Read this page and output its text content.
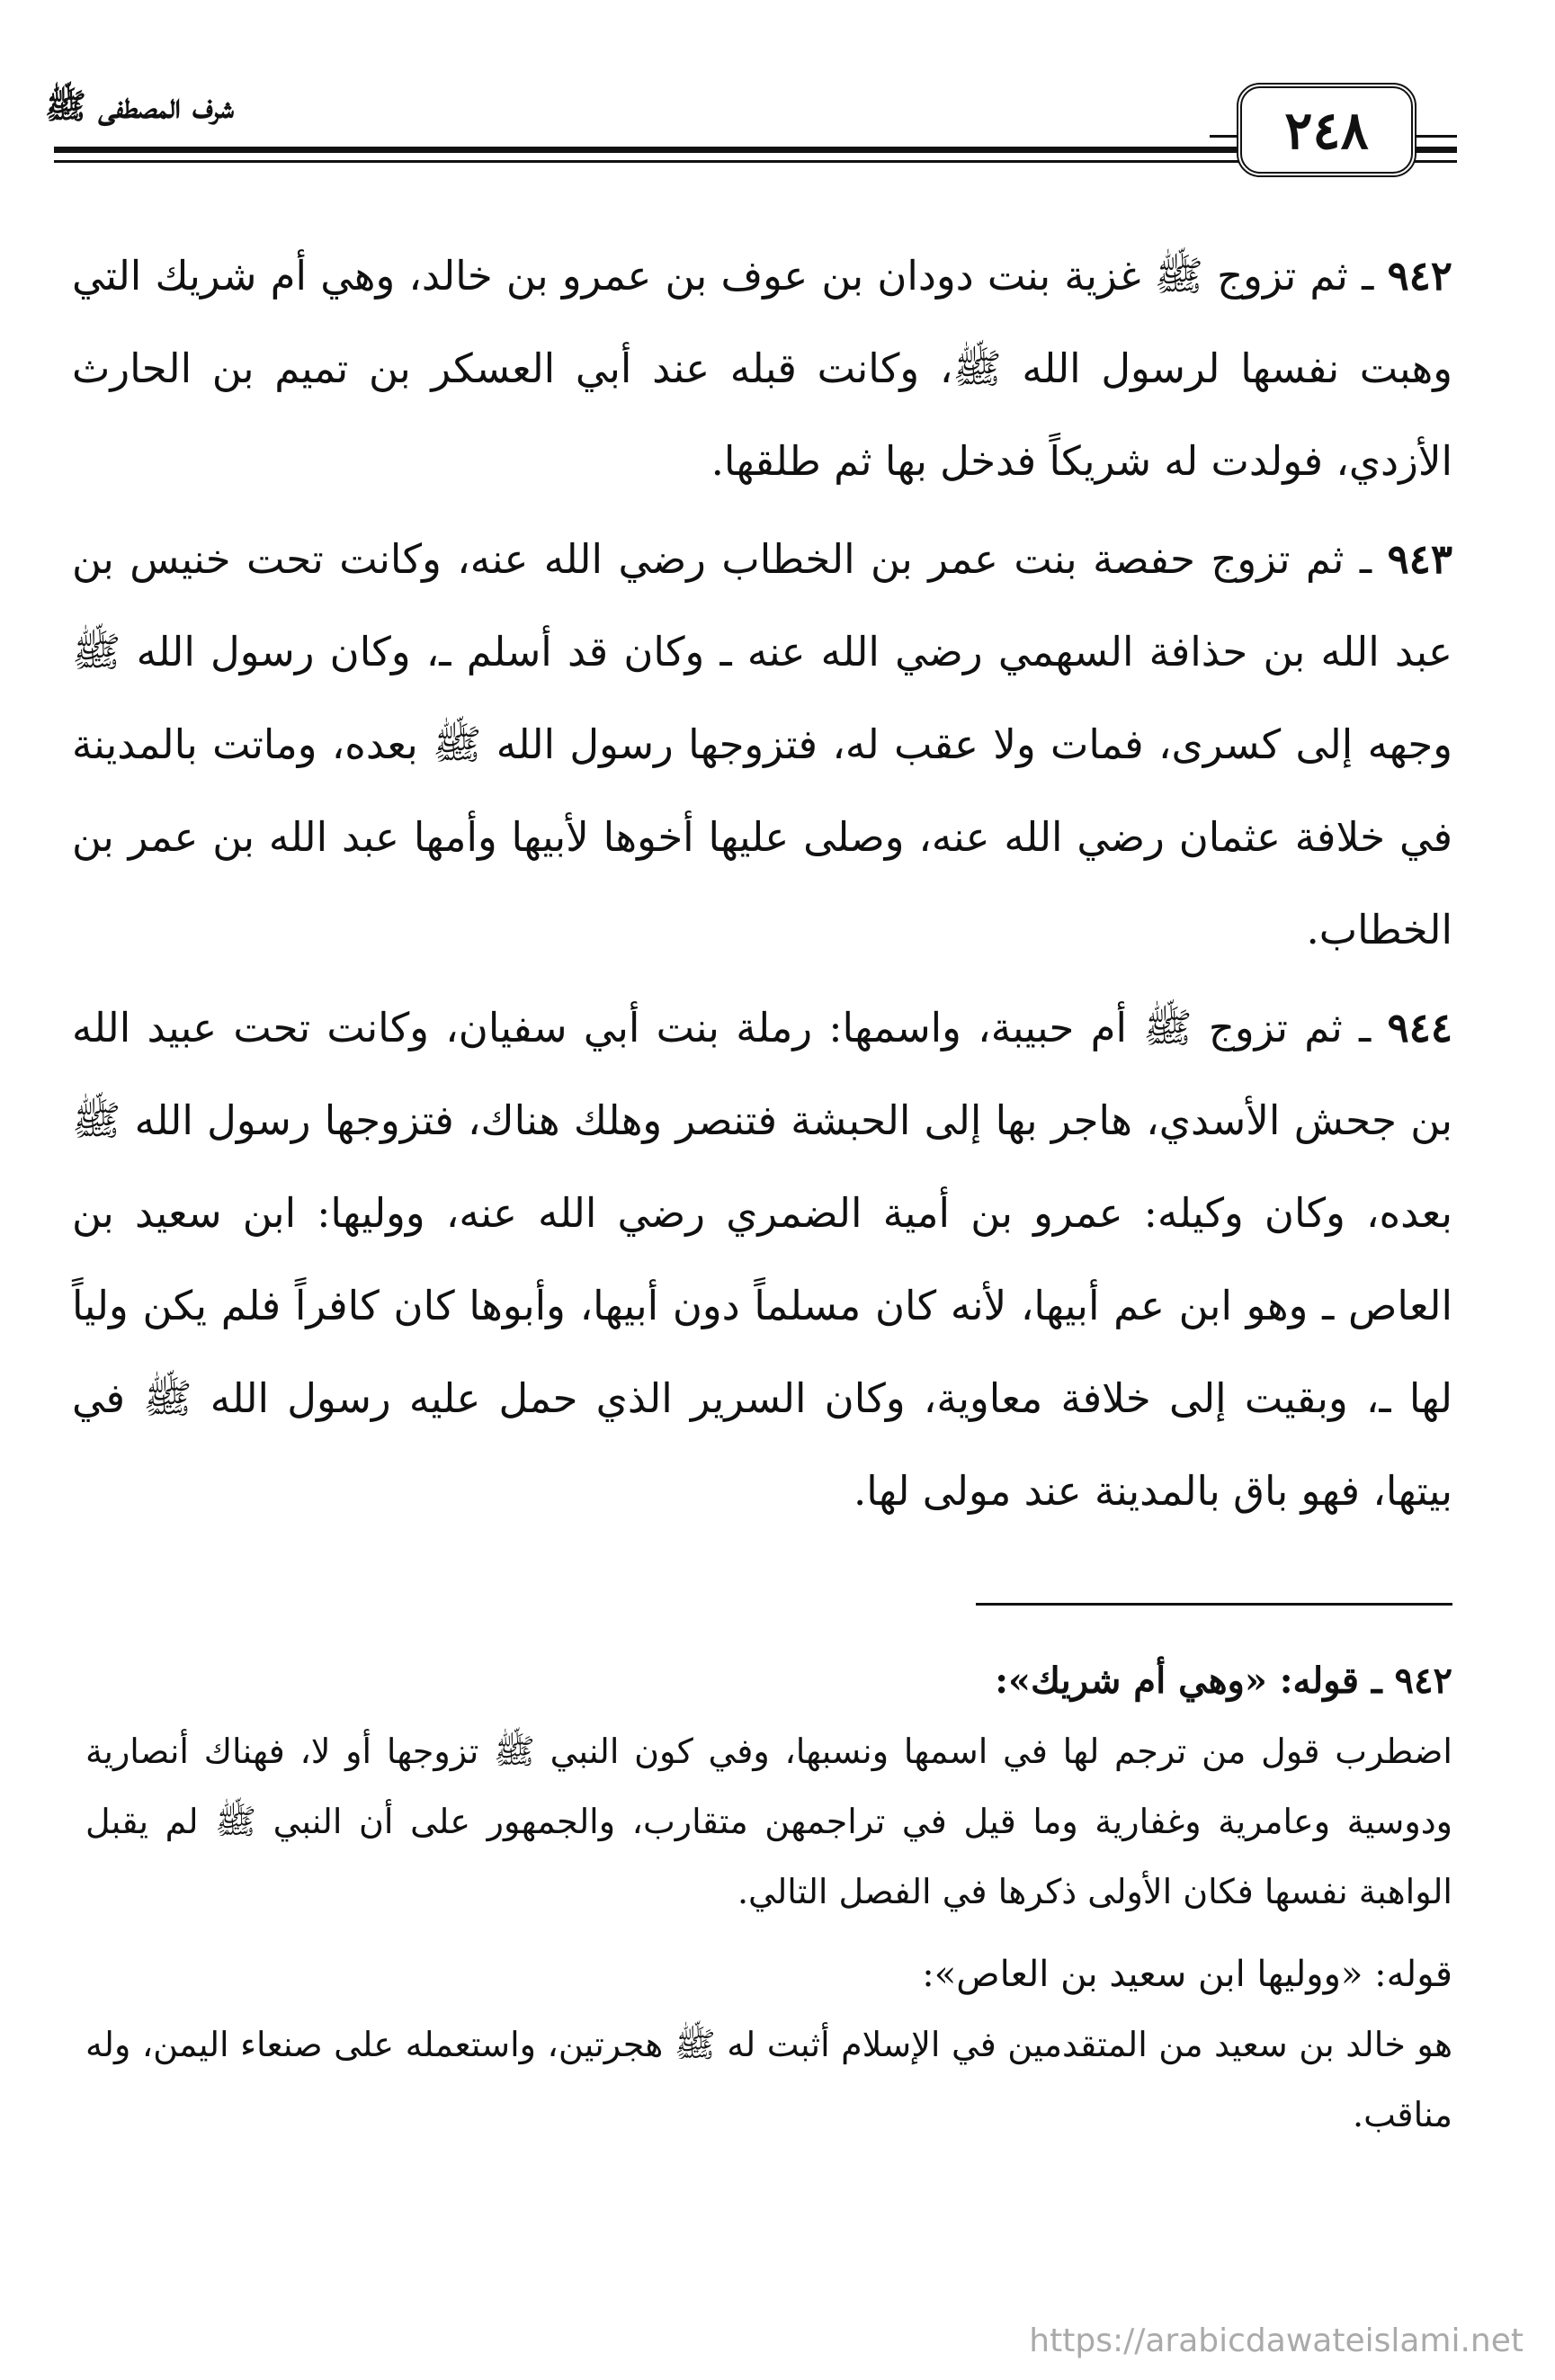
شرف المصطفى ﷺ	٢٤٨

٩٤٢ ـ ثم تزوج ﷺ غزية بنت دودان بن عوف بن عمرو بن خالد، وهي أم شريك التي وهبت نفسها لرسول الله ﷺ، وكانت قبله عند أبي العسكر بن تميم بن الحارث الأزدي، فولدت له شريكاً فدخل بها ثم طلقها.

٩٤٣ ـ ثم تزوج حفصة بنت عمر بن الخطاب رضي الله عنه، وكانت تحت خنيس بن عبد الله بن حذافة السهمي رضي الله عنه ـ وكان قد أسلم ـ، وكان رسول الله ﷺ وجهه إلى كسرى، فمات ولا عقب له، فتزوجها رسول الله ﷺ بعده، وماتت بالمدينة في خلافة عثمان رضي الله عنه، وصلى عليها أخوها لأبيها وأمها عبد الله بن عمر بن الخطاب.

٩٤٤ ـ ثم تزوج ﷺ أم حبيبة، واسمها: رملة بنت أبي سفيان، وكانت تحت عبيد الله بن جحش الأسدي، هاجر بها إلى الحبشة فتنصر وهلك هناك، فتزوجها رسول الله ﷺ بعده، وكان وكيله: عمرو بن أمية الضمري رضي الله عنه، ووليها: ابن سعيد بن العاص ـ وهو ابن عم أبيها، لأنه كان مسلماً دون أبيها، وأبوها كان كافراً فلم يكن ولياً لها ـ، وبقيت إلى خلافة معاوية، وكان السرير الذي حمل عليه رسول الله ﷺ في بيتها، فهو باق بالمدينة عند مولى لها.

٩٤٢ ـ قوله: «وهي أم شريك»:

اضطرب قول من ترجم لها في اسمها ونسبها، وفي كون النبي ﷺ تزوجها أو لا، فهناك أنصارية ودوسية وعامرية وغفارية وما قيل في تراجمهن متقارب، والجمهور على أن النبي ﷺ لم يقبل الواهبة نفسها فكان الأولى ذكرها في الفصل التالي.

قوله: «ووليها ابن سعيد بن العاص»:

هو خالد بن سعيد من المتقدمين في الإسلام أثبت له ﷺ هجرتين، واستعمله على صنعاء اليمن، وله مناقب.

https://arabicdawateislami.net
